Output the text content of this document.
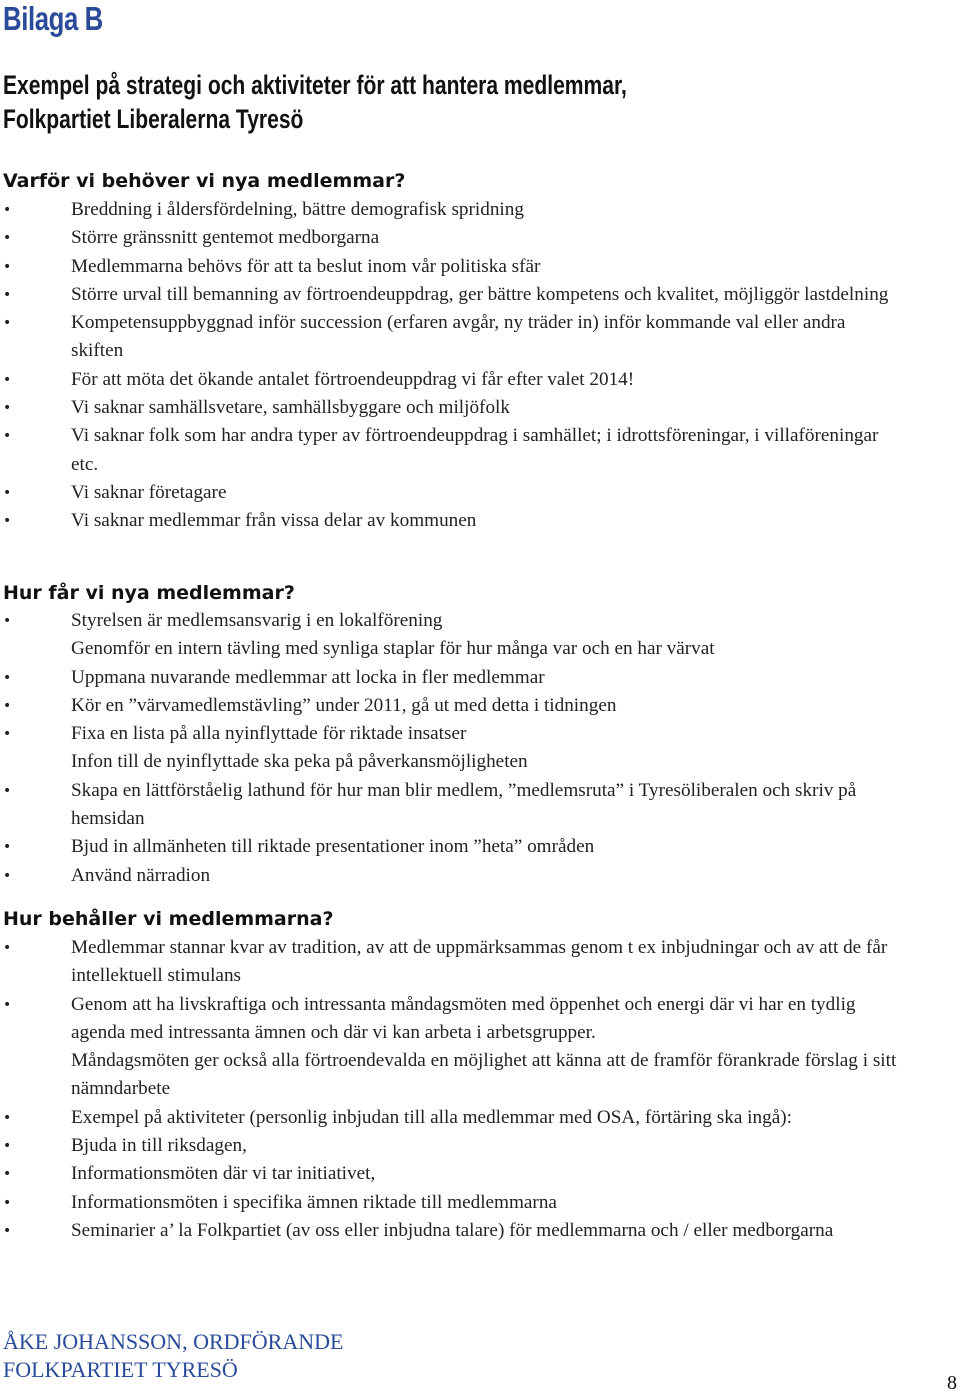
Bilaga B
Exempel på strategi och aktiviteter för att hantera medlemmar,
Folkpartiet Liberalerna Tyresö
Varför vi behöver vi nya medlemmar?
• Breddning i åldersfördelning, bättre demografisk spridning
• Större gränssnitt gentemot medborgarna
• Medlemmarna behövs för att ta beslut inom vår politiska sfär
• Större urval till bemanning av förtroendeuppdrag, ger bättre kompetens och kvalitet, möjliggör lastdelning
• Kompetensuppbyggnad inför succession (erfaren avgår, ny träder in) inför kommande val eller andra skiften
• För att möta det ökande antalet förtroendeuppdrag vi får efter valet 2014!
• Vi saknar samhällsvetare, samhällsbyggare och miljöfolk
• Vi saknar folk som har andra typer av förtroendeuppdrag i samhället; i idrottsföreningar, i villaföreningar etc.
• Vi saknar företagare
• Vi saknar medlemmar från vissa delar av kommunen
Hur får vi nya medlemmar?
• Styrelsen är medlemsansvarig i en lokalförening
Genomför en intern tävling med synliga staplar för hur många var och en har värvat
• Uppmana nuvarande medlemmar att locka in fler medlemmar
• Kör en ”värvamedlemstävling” under 2011, gå ut med detta i tidningen
• Fixa en lista på alla nyinflyttade för riktade insatser
Infon till de nyinflyttade ska peka på påverkansmöjligheten
• Skapa en lättförståelig lathund för hur man blir medlem, ”medlemsruta” i Tyresöliberalen och skriv på hemsidan
• Bjud in allmänheten till riktade presentationer inom ”heta” områden
• Använd närradion
Hur behåller vi medlemmarna?
• Medlemmar stannar kvar av tradition, av att de uppmärksammas genom t ex inbjudningar och av att de får intellektuell stimulans
• Genom att ha livskraftiga och intressanta måndagsmöten med öppenhet och energi där vi har en tydlig agenda med intressanta ämnen och där vi kan arbeta i arbetsgrupper.
Måndagsmöten ger också alla förtroendevalda en möjlighet att känna att de framför förankrade förslag i sitt nämndarbete
• Exempel på aktiviteter (personlig inbjudan till alla medlemmar med OSA, förtäring ska ingå):
• Bjuda in till riksdagen,
• Informationsmöten där vi tar initiativet,
• Informationsmöten i specifika ämnen riktade till medlemmarna
• Seminarier a’ la Folkpartiet (av oss eller inbjudna talare) för medlemmarna och / eller medborgarna
ÅKE JOHANSSON, ORDFÖRANDE
FOLKPARTIET TYRESÖ
8
